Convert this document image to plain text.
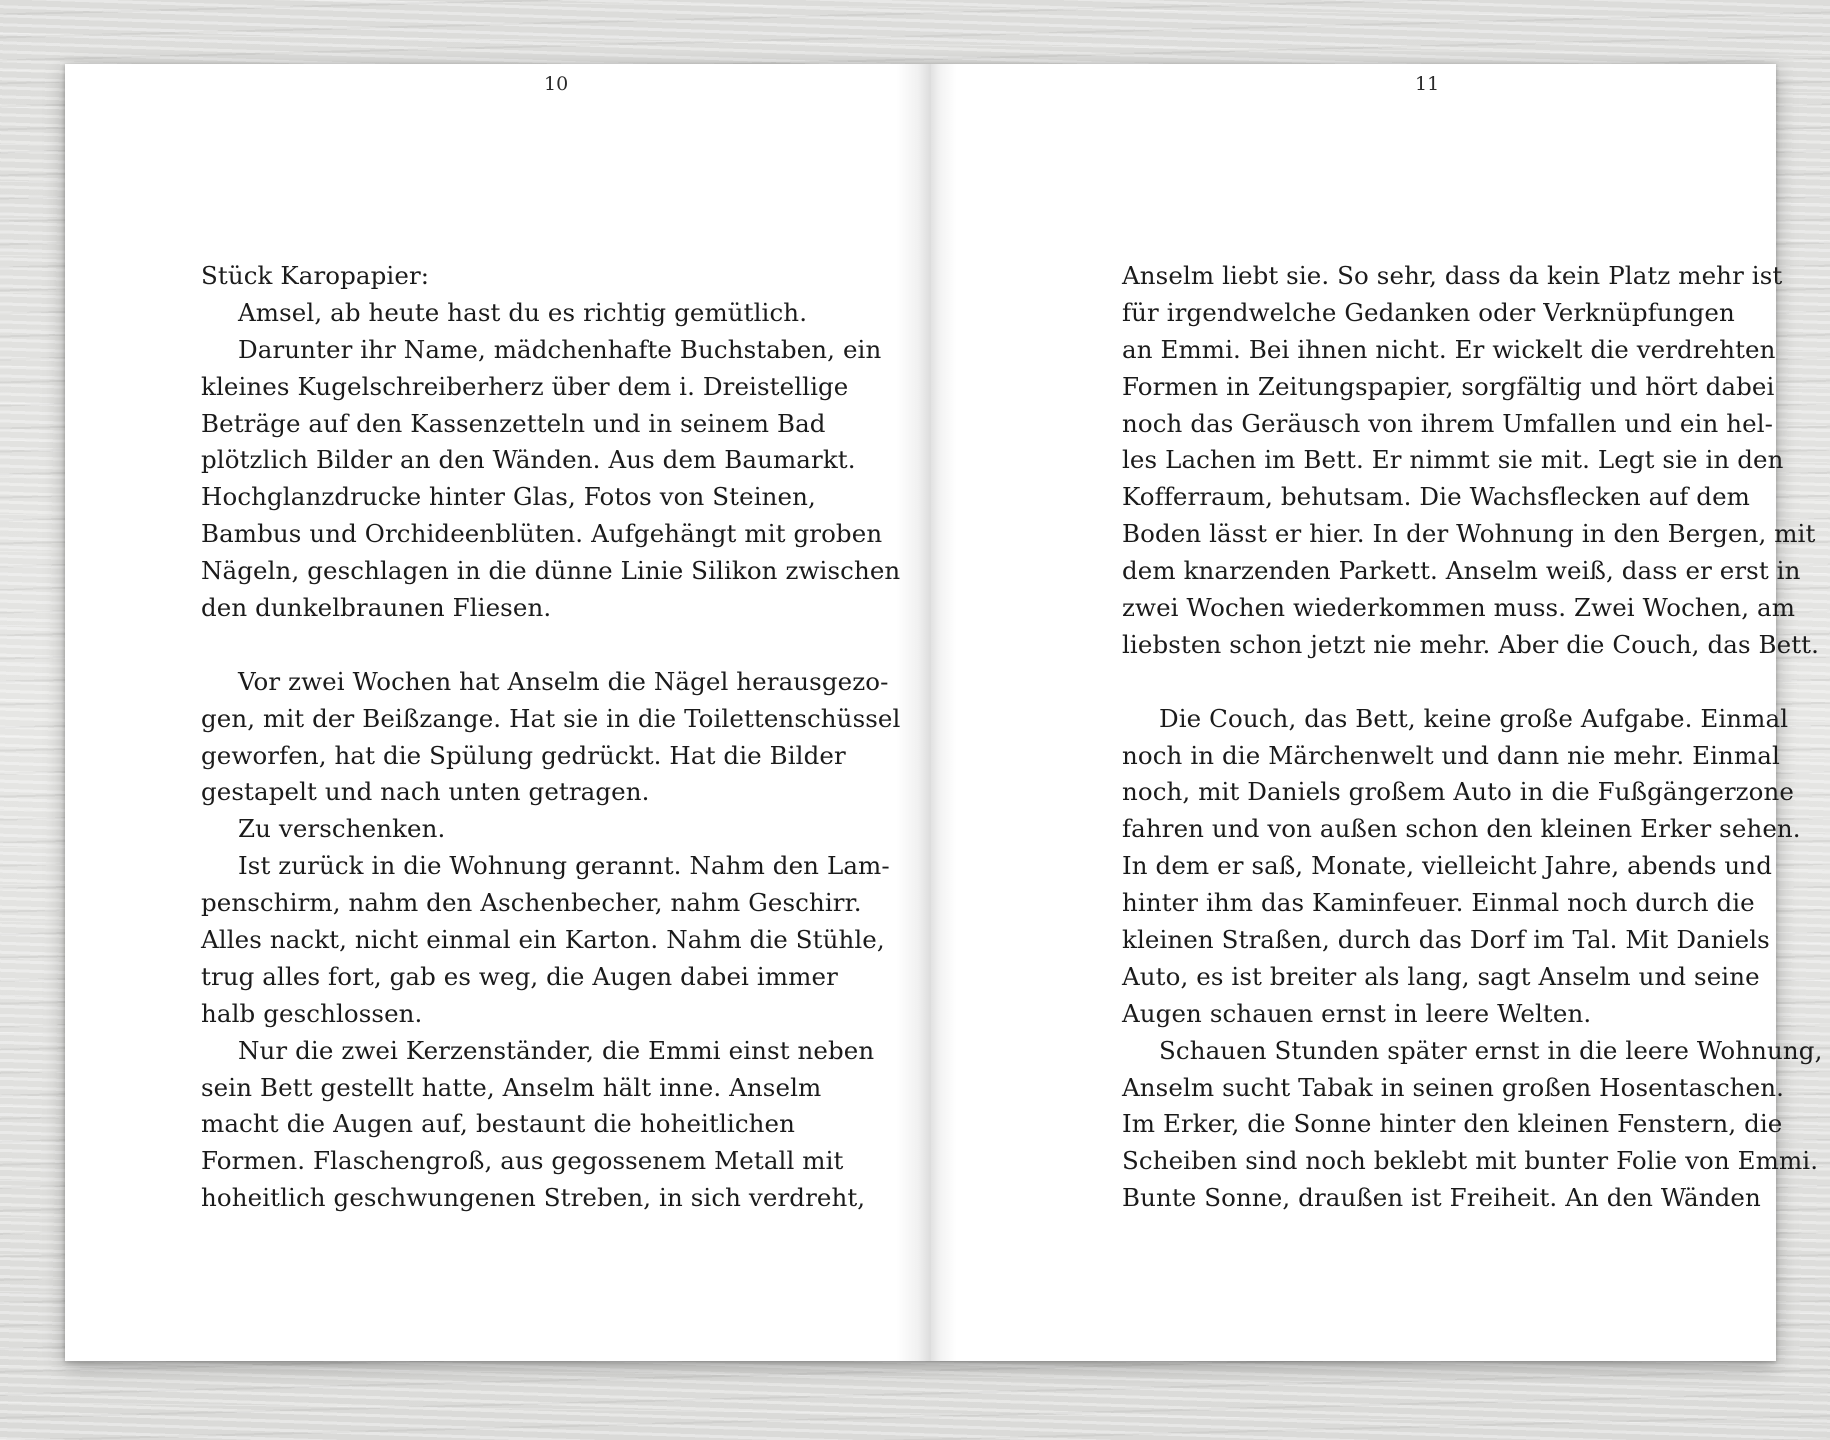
Stück Karopapier:
Amsel, ab heute hast du es richtig gemütlich.
Darunter ihr Name, mädchenhafte Buchstaben, ein
kleines Kugelschreiberherz über dem i. Dreistellige
Beträge auf den Kassenzetteln und in seinem Bad
plötzlich Bilder an den Wänden. Aus dem Baumarkt.
Hochglanzdrucke hinter Glas, Fotos von Steinen,
Bambus und Orchideenblüten. Aufgehängt mit groben
Nägeln, geschlagen in die dünne Linie Silikon zwischen
den dunkelbraunen Fliesen.
Vor zwei Wochen hat Anselm die Nägel herausgezo-
gen, mit der Beißzange. Hat sie in die Toilettenschüssel
geworfen, hat die Spülung gedrückt. Hat die Bilder
gestapelt und nach unten getragen.
Zu verschenken.
Ist zurück in die Wohnung gerannt. Nahm den Lam-
penschirm, nahm den Aschenbecher, nahm Geschirr.
Alles nackt, nicht einmal ein Karton. Nahm die Stühle,
trug alles fort, gab es weg, die Augen dabei immer
halb geschlossen.
Nur die zwei Kerzenständer, die Emmi einst neben
sein Bett gestellt hatte, Anselm hält inne. Anselm
macht die Augen auf, bestaunt die hoheitlichen
Formen. Flaschengroß, aus gegossenem Metall mit
hoheitlich geschwungenen Streben, in sich verdreht,
10
Anselm liebt sie. So sehr, dass da kein Platz mehr ist
für irgendwelche Gedanken oder Verknüpfungen
an Emmi. Bei ihnen nicht. Er wickelt die verdrehten
Formen in Zeitungspapier, sorgfältig und hört dabei
noch das Geräusch von ihrem Umfallen und ein hel-
les Lachen im Bett. Er nimmt sie mit. Legt sie in den
Kofferraum, behutsam. Die Wachsflecken auf dem
Boden lässt er hier. In der Wohnung in den Bergen, mit
dem knarzenden Parkett. Anselm weiß, dass er erst in
zwei Wochen wiederkommen muss. Zwei Wochen, am
liebsten schon jetzt nie mehr. Aber die Couch, das Bett.
Die Couch, das Bett, keine große Aufgabe. Einmal
noch in die Märchenwelt und dann nie mehr. Einmal
noch, mit Daniels großem Auto in die Fußgängerzone
fahren und von außen schon den kleinen Erker sehen.
In dem er saß, Monate, vielleicht Jahre, abends und
hinter ihm das Kaminfeuer. Einmal noch durch die
kleinen Straßen, durch das Dorf im Tal. Mit Daniels
Auto, es ist breiter als lang, sagt Anselm und seine
Augen schauen ernst in leere Welten.
Schauen Stunden später ernst in die leere Wohnung,
Anselm sucht Tabak in seinen großen Hosentaschen.
Im Erker, die Sonne hinter den kleinen Fenstern, die
Scheiben sind noch beklebt mit bunter Folie von Emmi.
Bunte Sonne, draußen ist Freiheit. An den Wänden
11
